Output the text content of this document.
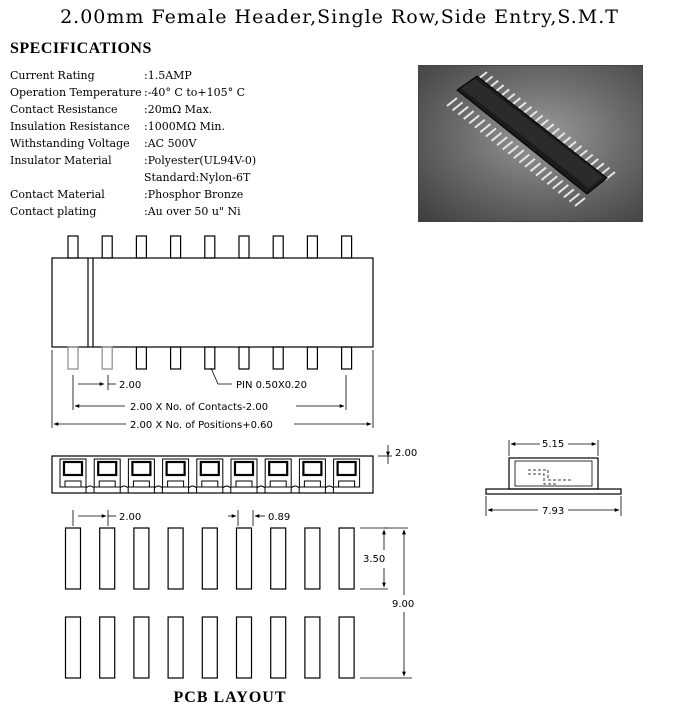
2.00mm Female Header,Single Row,Side Entry,S.M.T
SPECIFICATIONS
Current Rating	:1.5AMP
Operation Temperature :-40° C to+105° C
Contact Resistance :20mΩ Max.
Insulation Resistance :1000MΩ Min.
Withstanding Voltage :AC 500V
Insulator Material	:Polyester(UL94V-0)
Standard:Nylon-6T
Contact Material	:Phosphor Bronze
Contact plating	:Au over 50 u" Ni
2.00	PIN 0.50X0.20
2.00 X No. of Contacts-2.00
2.00 X No. of Positions+0.60
2.00
5.15
7.93
2.00	0.89
3.50
9.00
PCB LAYOUT
